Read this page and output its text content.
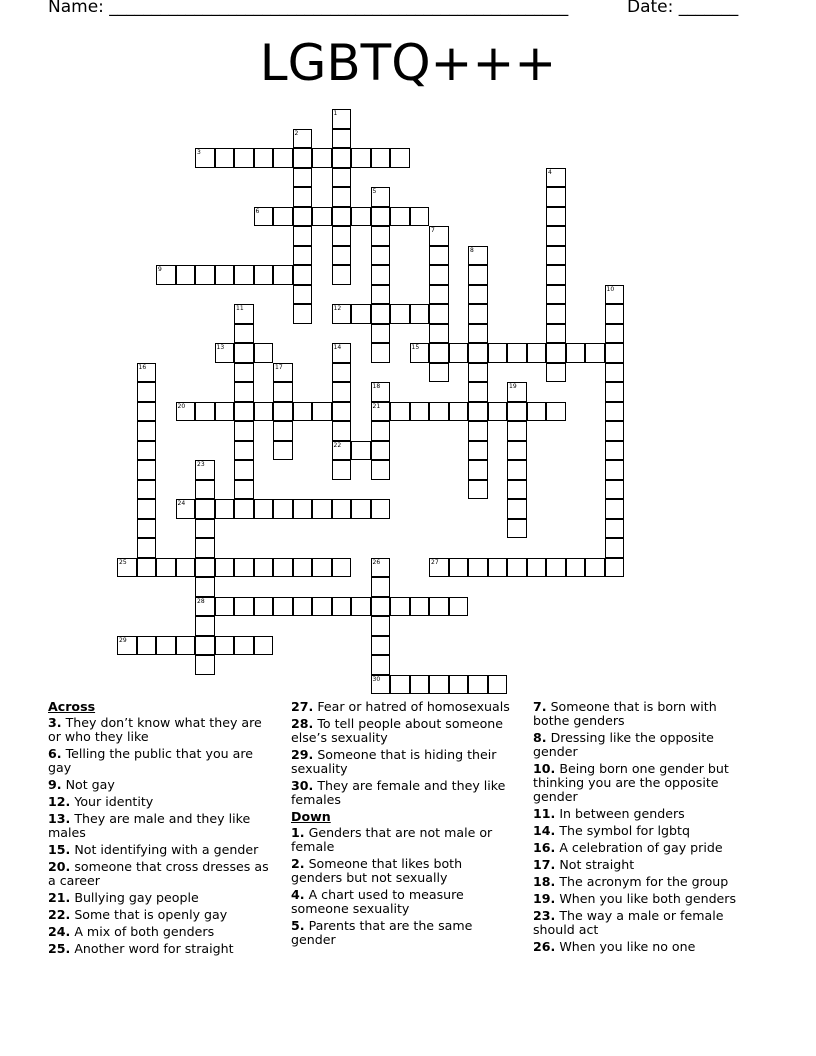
Name: ______________________________________________________	Date: _______
LGBTQ+++
1
2
3
4
5
6
7
8
9
10
11	12
13	14
22
15
16	17
18
21
19
20
23
28
24
25	26
30
27
29
Across
3. They don’t know what they are or who they like
6. Telling the public that you are gay
9. Not gay
12. Your identity
13. They are male and they like males
15. Not identifying with a gender
20. someone that cross dresses as a career
21. Bullying gay people
22. Some that is openly gay
24. A mix of both genders
25. Another word for straight
27. Fear or hatred of homosexuals
28. To tell people about someone else’s sexuality
29. Someone that is hiding their sexuality
30. They are female and they like females
Down
1. Genders that are not male or female
2. Someone that likes both genders but not sexually
4. A chart used to measure someone sexuality
5. Parents that are the same gender
7. Someone that is born with bothe genders
8. Dressing like the opposite gender
10. Being born one gender but thinking you are the opposite gender
11. In between genders
14. The symbol for lgbtq
16. A celebration of gay pride
17. Not straight
18. The acronym for the group
19. When you like both genders
23. The way a male or female should act
26. When you like no one
